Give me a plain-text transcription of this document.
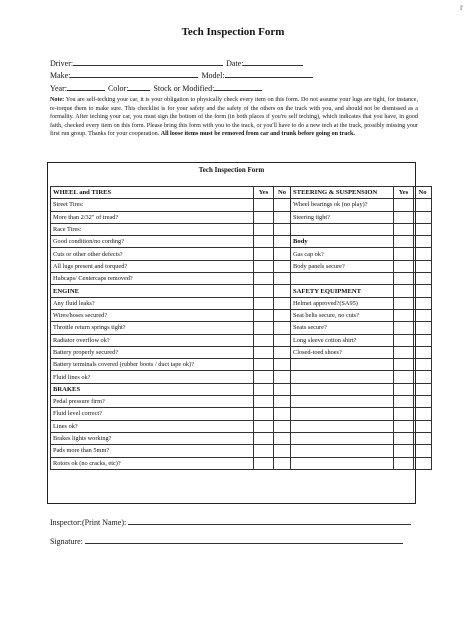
r
Tech Inspection Form
Driver:	Date:
Make:	Model:
Year:	Color:	Stock or Modified:
Note: You are self-teching your car, it is your obligation to physically check every item on this form. Do not assume your lugs are tight, for instance, re-torque them to make sure. This checklist is for your safety and the safety of the others on the track with you, and should not be dismissed as a formality. After teching your car, you must sign the bottom of the form (in both places if you're self teching), which indicates that you have, in good faith, checked every item on this form. Please bring this form with you to the track, or you'll have to do a new tech at the track, possibly missing your first run group. Thanks for your cooperation. All loose items must be removed from car and trunk before going on track.
Tech Inspection Form
WHEEL and TIRES	Yes	No	STEERING & SUSPENSION	Yes	No
Street Tires:			Wheel bearings ok (no play)?		
More than 2/32" of tread?			Steering tight?		
Race Tires:					
Good condition/no cording?			Body		
Cuts or other other defects?			Gas cap ok?		
All lugs present and torqued?			Body panels secure?		
Hubcaps/ Centercaps removed?					
ENGINE			SAFETY EQUIPMENT		
Any fluid leaks?			Helmet approved?(SA95)		
Wires/hoses secured?			Seat belts secure, no cuts?		
Throttle return springs tight?			Seats secure?		
Radiator overflow ok?			Long sleeve cotton shirt?		
Battery properly secured?			Closed-toed shoes?		
Battery terminals covered (rubber boots / duct tape ok)?					
Fluid lines ok?					
BRAKES					
Pedal pressure firm?					
Fluid level correct?					
Lines ok?					
Brakes lights working?					
Pads more than 5mm?					
Rotors ok (no cracks, etc)?					
Inspector:(Print Name):
Signature:
